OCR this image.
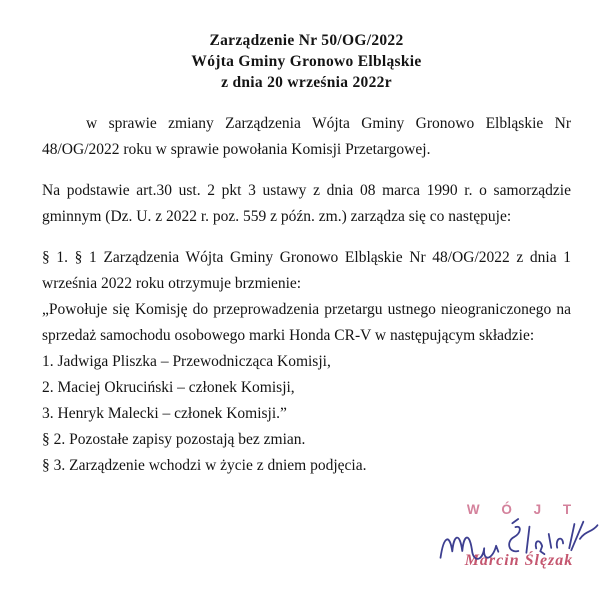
Zarządzenie Nr 50/OG/2022
Wójta Gminy Gronowo Elbląskie
z dnia 20 września 2022r

w sprawie zmiany Zarządzenia Wójta Gminy Gronowo Elbląskie Nr 48/OG/2022 roku w sprawie powołania Komisji Przetargowej.

Na podstawie art.30 ust. 2 pkt 3 ustawy z dnia 08 marca 1990 r. o samorządzie gminnym (Dz. U. z 2022 r. poz. 559 z późn. zm.) zarządza się co następuje:

§ 1. § 1 Zarządzenia Wójta Gminy Gronowo Elbląskie Nr 48/OG/2022 z dnia 1 września 2022 roku otrzymuje brzmienie:

„Powołuje się Komisję do przeprowadzenia przetargu ustnego nieograniczonego na sprzedaż samochodu osobowego marki Honda CR-V w następującym składzie:

1. Jadwiga Pliszka – Przewodnicząca Komisji,

2. Maciej Okruciński – członek Komisji,

3. Henryk Malecki – członek Komisji.”

§ 2. Pozostałe zapisy pozostają bez zmian.

§ 3. Zarządzenie wchodzi w życie z dniem podjęcia.

W Ó J T
Marcin Ślęzak
